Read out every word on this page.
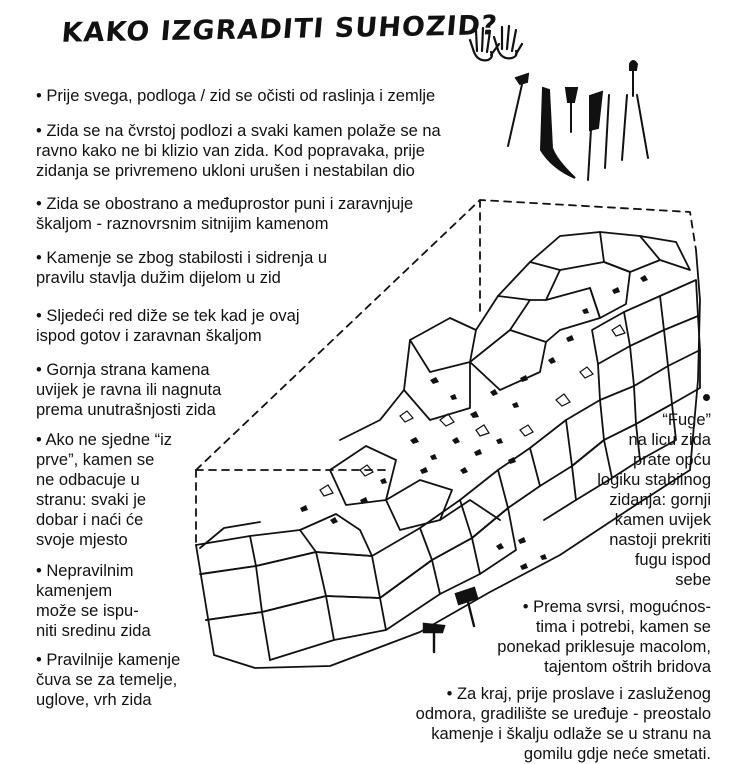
KAKO IZGRADITI SUHOZID?
• Prije svega, podloga / zid se očisti od raslinja i zemlje
• Zida se na čvrstoj podlozi a svaki kamen polaže se na
ravno kako ne bi klizio van zida. Kod popravaka, prije
zidanja se privremeno ukloni urušen i nestabilan dio
• Zida se obostrano a međuprostor puni i zaravnjuje
škaljom - raznovrsnim sitnijim kamenom
• Kamenje se zbog stabilosti i sidrenja u
pravilu stavlja dužim dijelom u zid
• Sljedeći red diže se tek kad je ovaj
ispod gotov i zaravnan škaljom
• Gornja strana kamena
uvijek je ravna ili nagnuta
prema unutrašnjosti zida
• Ako ne sjedne “iz
prve”, kamen se
ne odbacuje u
stranu: svaki je
dobar i naći će
svoje mjesto
• Nepravilnim
kamenjem
može se ispu-
niti sredinu zida
• Pravilnije kamenje
čuva se za temelje,
uglove, vrh zida
“Fuge”
na licu zida
prate opću
logiku stabilnog
zidanja: gornji
kamen uvijek
nastoji prekriti
fugu ispod
sebe
• Prema svrsi, mogućnos-
tima i potrebi, kamen se
ponekad priklesuje macolom,
tajentom oštrih bridova
• Za kraj, prije proslave i zasluženog
odmora, gradilište se uređuje - preostalo
kamenje i škalju odlaže se u stranu na
gomilu gdje neće smetati.
